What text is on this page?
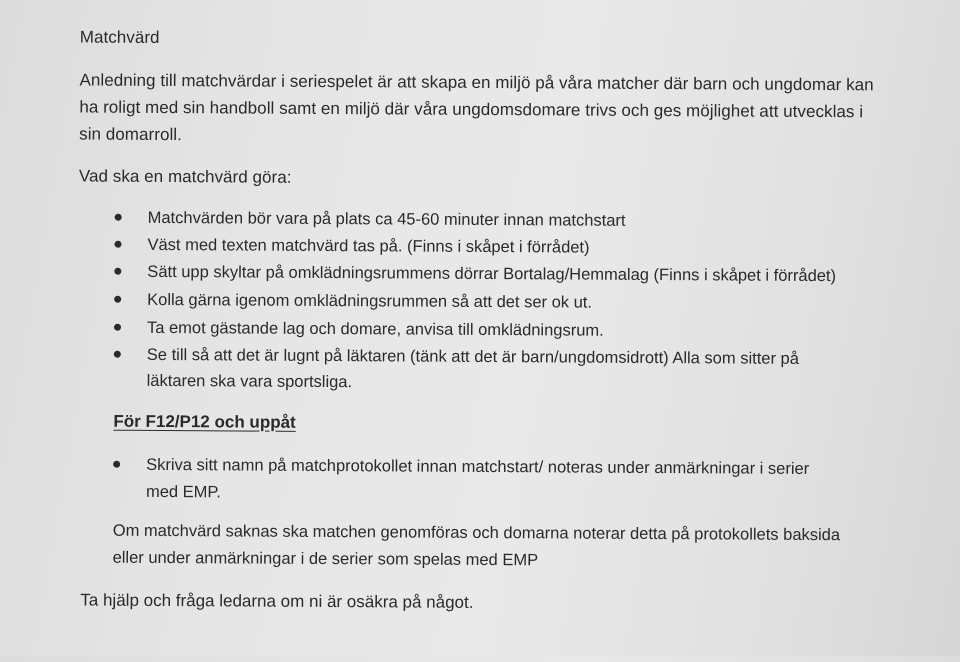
Matchvärd
Anledning till matchvärdar i seriespelet är att skapa en miljö på våra matcher där barn och ungdomar kan
ha roligt med sin handboll samt en miljö där våra ungdomsdomare trivs och ges möjlighet att utvecklas i
sin domarroll.
Vad ska en matchvärd göra:
Matchvärden bör vara på plats ca 45-60 minuter innan matchstart
Väst med texten matchvärd tas på. (Finns i skåpet i förrådet)
Sätt upp skyltar på omklädningsrummens dörrar Bortalag/Hemmalag (Finns i skåpet i förrådet)
Kolla gärna igenom omklädningsrummen så att det ser ok ut.
Ta emot gästande lag och domare, anvisa till omklädningsrum.
Se till så att det är lugnt på läktaren (tänk att det är barn/ungdomsidrott) Alla som sitter på
läktaren ska vara sportsliga.
För F12/P12 och uppåt
Skriva sitt namn på matchprotokollet innan matchstart/ noteras under anmärkningar i serier
med EMP.
Om matchvärd saknas ska matchen genomföras och domarna noterar detta på protokollets baksida
eller under anmärkningar i de serier som spelas med EMP
Ta hjälp och fråga ledarna om ni är osäkra på något.
